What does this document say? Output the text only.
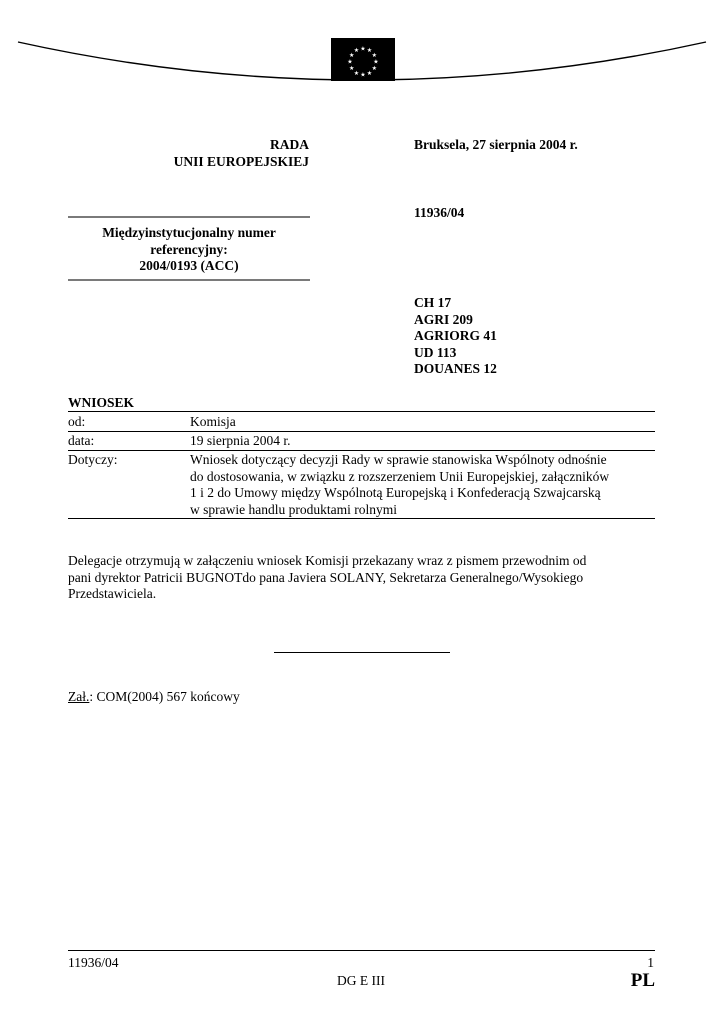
★ ★
★
★
★
★
★
★
★
★
★
★
RADA
UNII EUROPEJSKIEJ
Bruksela, 27 sierpnia 2004 r.
11936/04
Międzyinstytucjonalny numer
referencyjny:
2004/0193 (ACC)
CH 17
AGRI 209
AGRIORG 41
UD 113
DOUANES 12
WNIOSEK
od:	Komisja
data:	19 sierpnia 2004 r.
Dotyczy:	Wniosek dotyczący decyzji Rady w sprawie stanowiska Wspólnoty odnośnie
do dostosowania, w związku z rozszerzeniem Unii Europejskiej, załączników
1 i 2 do Umowy między Wspólnotą Europejską i Konfederacją Szwajcarską
w sprawie handlu produktami rolnymi
Delegacje otrzymują w załączeniu wniosek Komisji przekazany wraz z pismem przewodnim od
pani dyrektor Patricii BUGNOTdo pana Javiera SOLANY, Sekretarza Generalnego/Wysokiego
Przedstawiciela.
Zał.: COM(2004) 567 końcowy
11936/04	1
DG E III	PL
